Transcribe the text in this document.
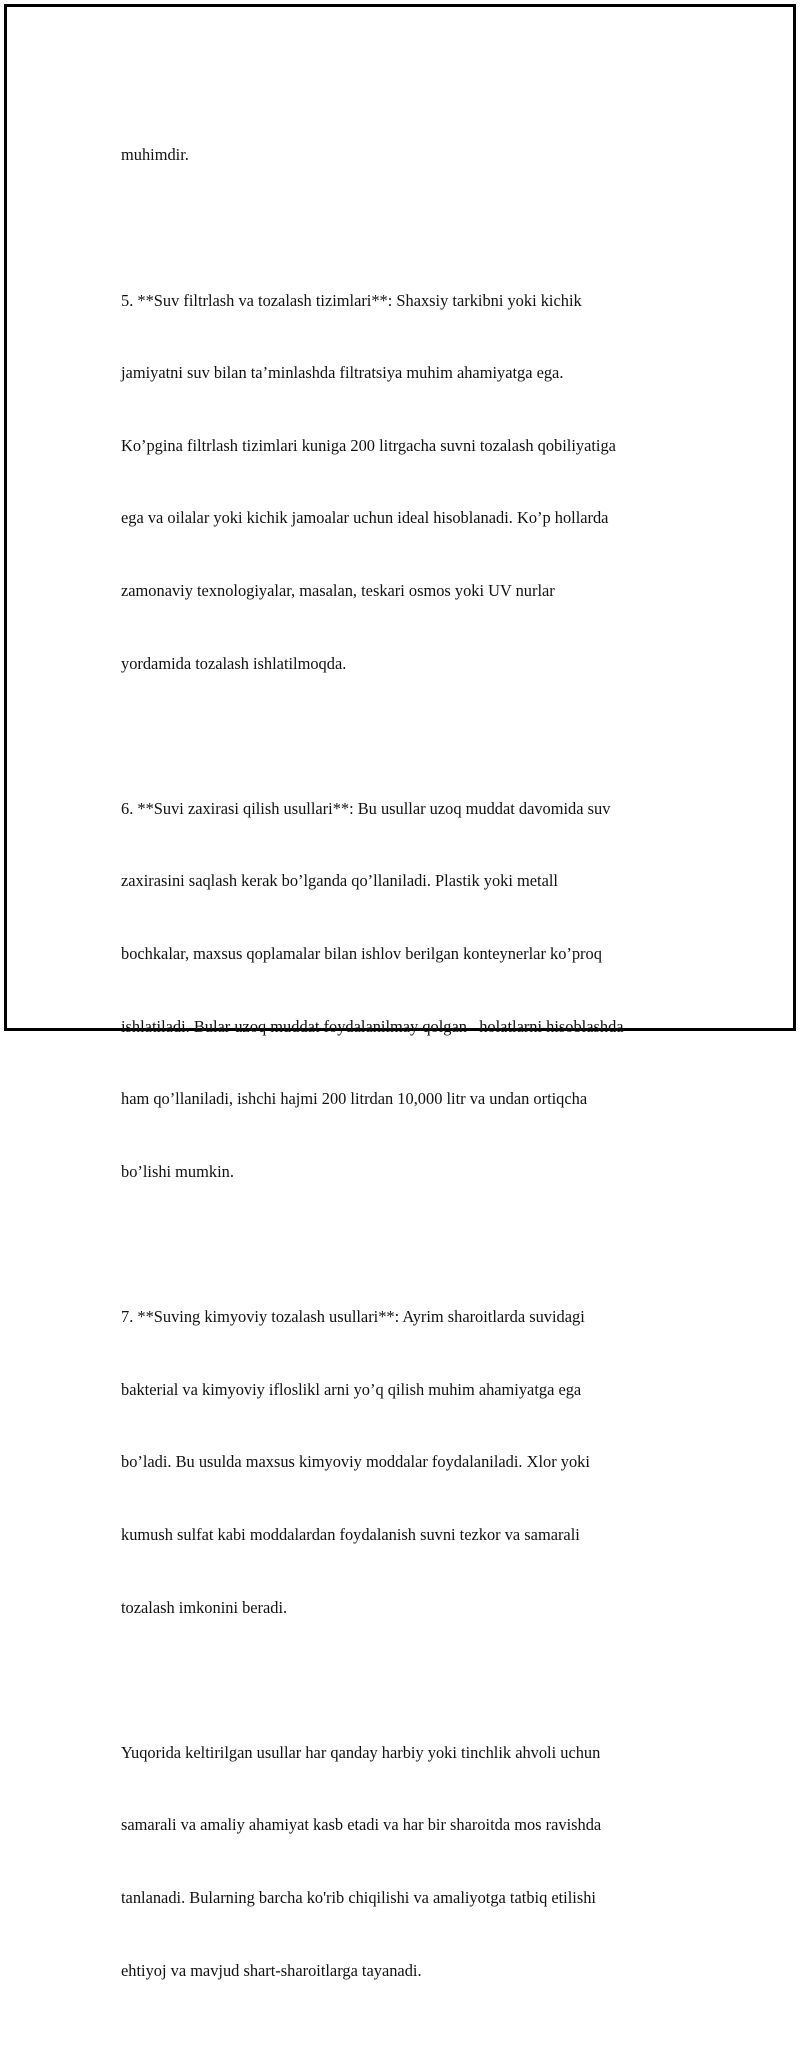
muhimdir.

5. **Suv filtrlash va tozalash tizimlari**: Shaxsiy tarkibni yoki kichik

jamiyatni suv bilan ta’minlashda filtratsiya muhim ahamiyatga ega.

Ko’pgina filtrlash tizimlari kuniga 200 litrgacha suvni tozalash qobiliyatiga

ega va oilalar yoki kichik jamoalar uchun ideal hisoblanadi. Ko’p hollarda

zamonaviy texnologiyalar, masalan, teskari osmos yoki UV nurlar

yordamida tozalash ishlatilmoqda.

6. **Suvi zaxirasi qilish usullari**: Bu usullar uzoq muddat davomida suv

zaxirasini saqlash kerak bo’lganda qo’llaniladi. Plastik yoki metall

bochkalar, maxsus qoplamalar bilan ishlov berilgan konteynerlar ko’proq

ishlatiladi. Bular uzoq muddat foydalanilmay qolgan   holatlarni hisoblashda

ham qo’llaniladi, ishchi hajmi 200 litrdan 10,000 litr va undan ortiqcha

bo’lishi mumkin.

7. **Suving kimyoviy tozalash usullari**: Ayrim sharoitlarda suvidagi

bakterial va kimyoviy ifloslikl arni yo’q qilish muhim ahamiyatga ega

bo’ladi. Bu usulda maxsus kimyoviy moddalar foydalaniladi. Xlor yoki

kumush sulfat kabi moddalardan foydalanish suvni tezkor va samarali

tozalash imkonini beradi.

Yuqorida keltirilgan usullar har qanday harbiy yoki tinchlik ahvoli uchun

samarali va amaliy ahamiyat kasb etadi va har bir sharoitda mos ravishda

tanlanadi. Bularning barcha ko'rib chiqilishi va amaliyotga tatbiq etilishi

ehtiyoj va mavjud shart-sharoitlarga tayanadi.
